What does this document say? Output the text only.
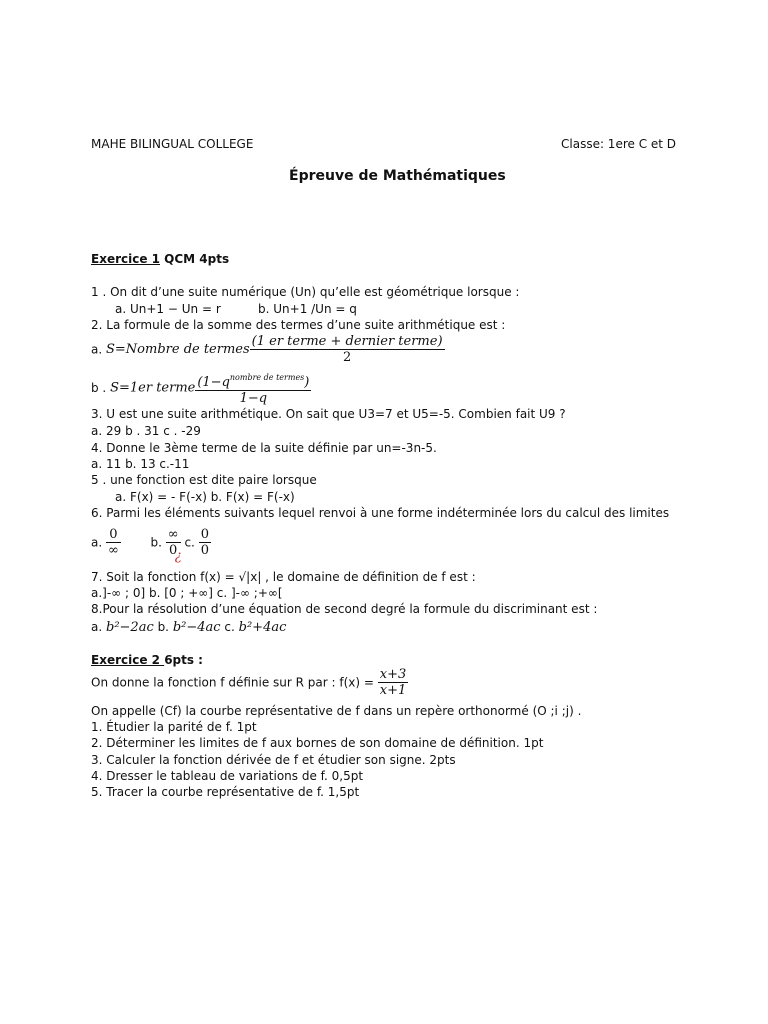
MAHE BILINGUAL COLLEGE	Classe: 1ere C et D
Épreuve de Mathématiques
Exercice 1 QCM 4pts
1 . On dit d’une suite numérique (Un) qu’elle est géométrique lorsque :
a. Un+1 − Un = r	b. Un+1 /Un = q
2. La formule de la somme des termes d’une suite arithmétique est :
a. S=Nombre de termes $\frac{\text{(1 er terme + dernier terme)}}{2}$
b . S=1er terme $\frac{(1-q^{nombre de termes})}{1-q}$
3. U est une suite arithmétique. On sait que U3=7 et U5=-5. Combien fait U9 ?
a. 29 b . 31 c . -29
4. Donne le 3ème terme de la suite définie par un=-3n-5.
a. 11 b. 13 c.-11
5 . une fonction est dite paire lorsque
a. F(x) = - F(-x) b. F(x) = F(-x)
6. Parmi les éléments suivants lequel renvoi à une forme indéterminée lors du calcul des limites
a. $\frac{0}{\infty} b$.
∞
0
¿
c. $\frac{0}{0}$
7. Soit la fonction f(x) = √|x| , le domaine de définition de f est :
a.]-∞ ; 0] b. [0 ; +∞] c. ]-∞ ;+∞[
8.Pour la résolution d’une équation de second degré la formule du discriminant est :
a. b²−2ac b. b²−4ac c. b²+4ac
Exercice 2 6pts :
On donne la fonction f définie sur R par : $f(x) = \frac{x+3}{x+1}$
On appelle (Cf) la courbe représentative de f dans un repère orthonormé (O ;i ;j) .
1. Étudier la parité de f. 1pt
2. Déterminer les limites de f aux bornes de son domaine de définition. 1pt
3. Calculer la fonction dérivée de f et étudier son signe. 2pts
4. Dresser le tableau de variations de f. 0,5pt
5. Tracer la courbe représentative de f. 1,5pt
